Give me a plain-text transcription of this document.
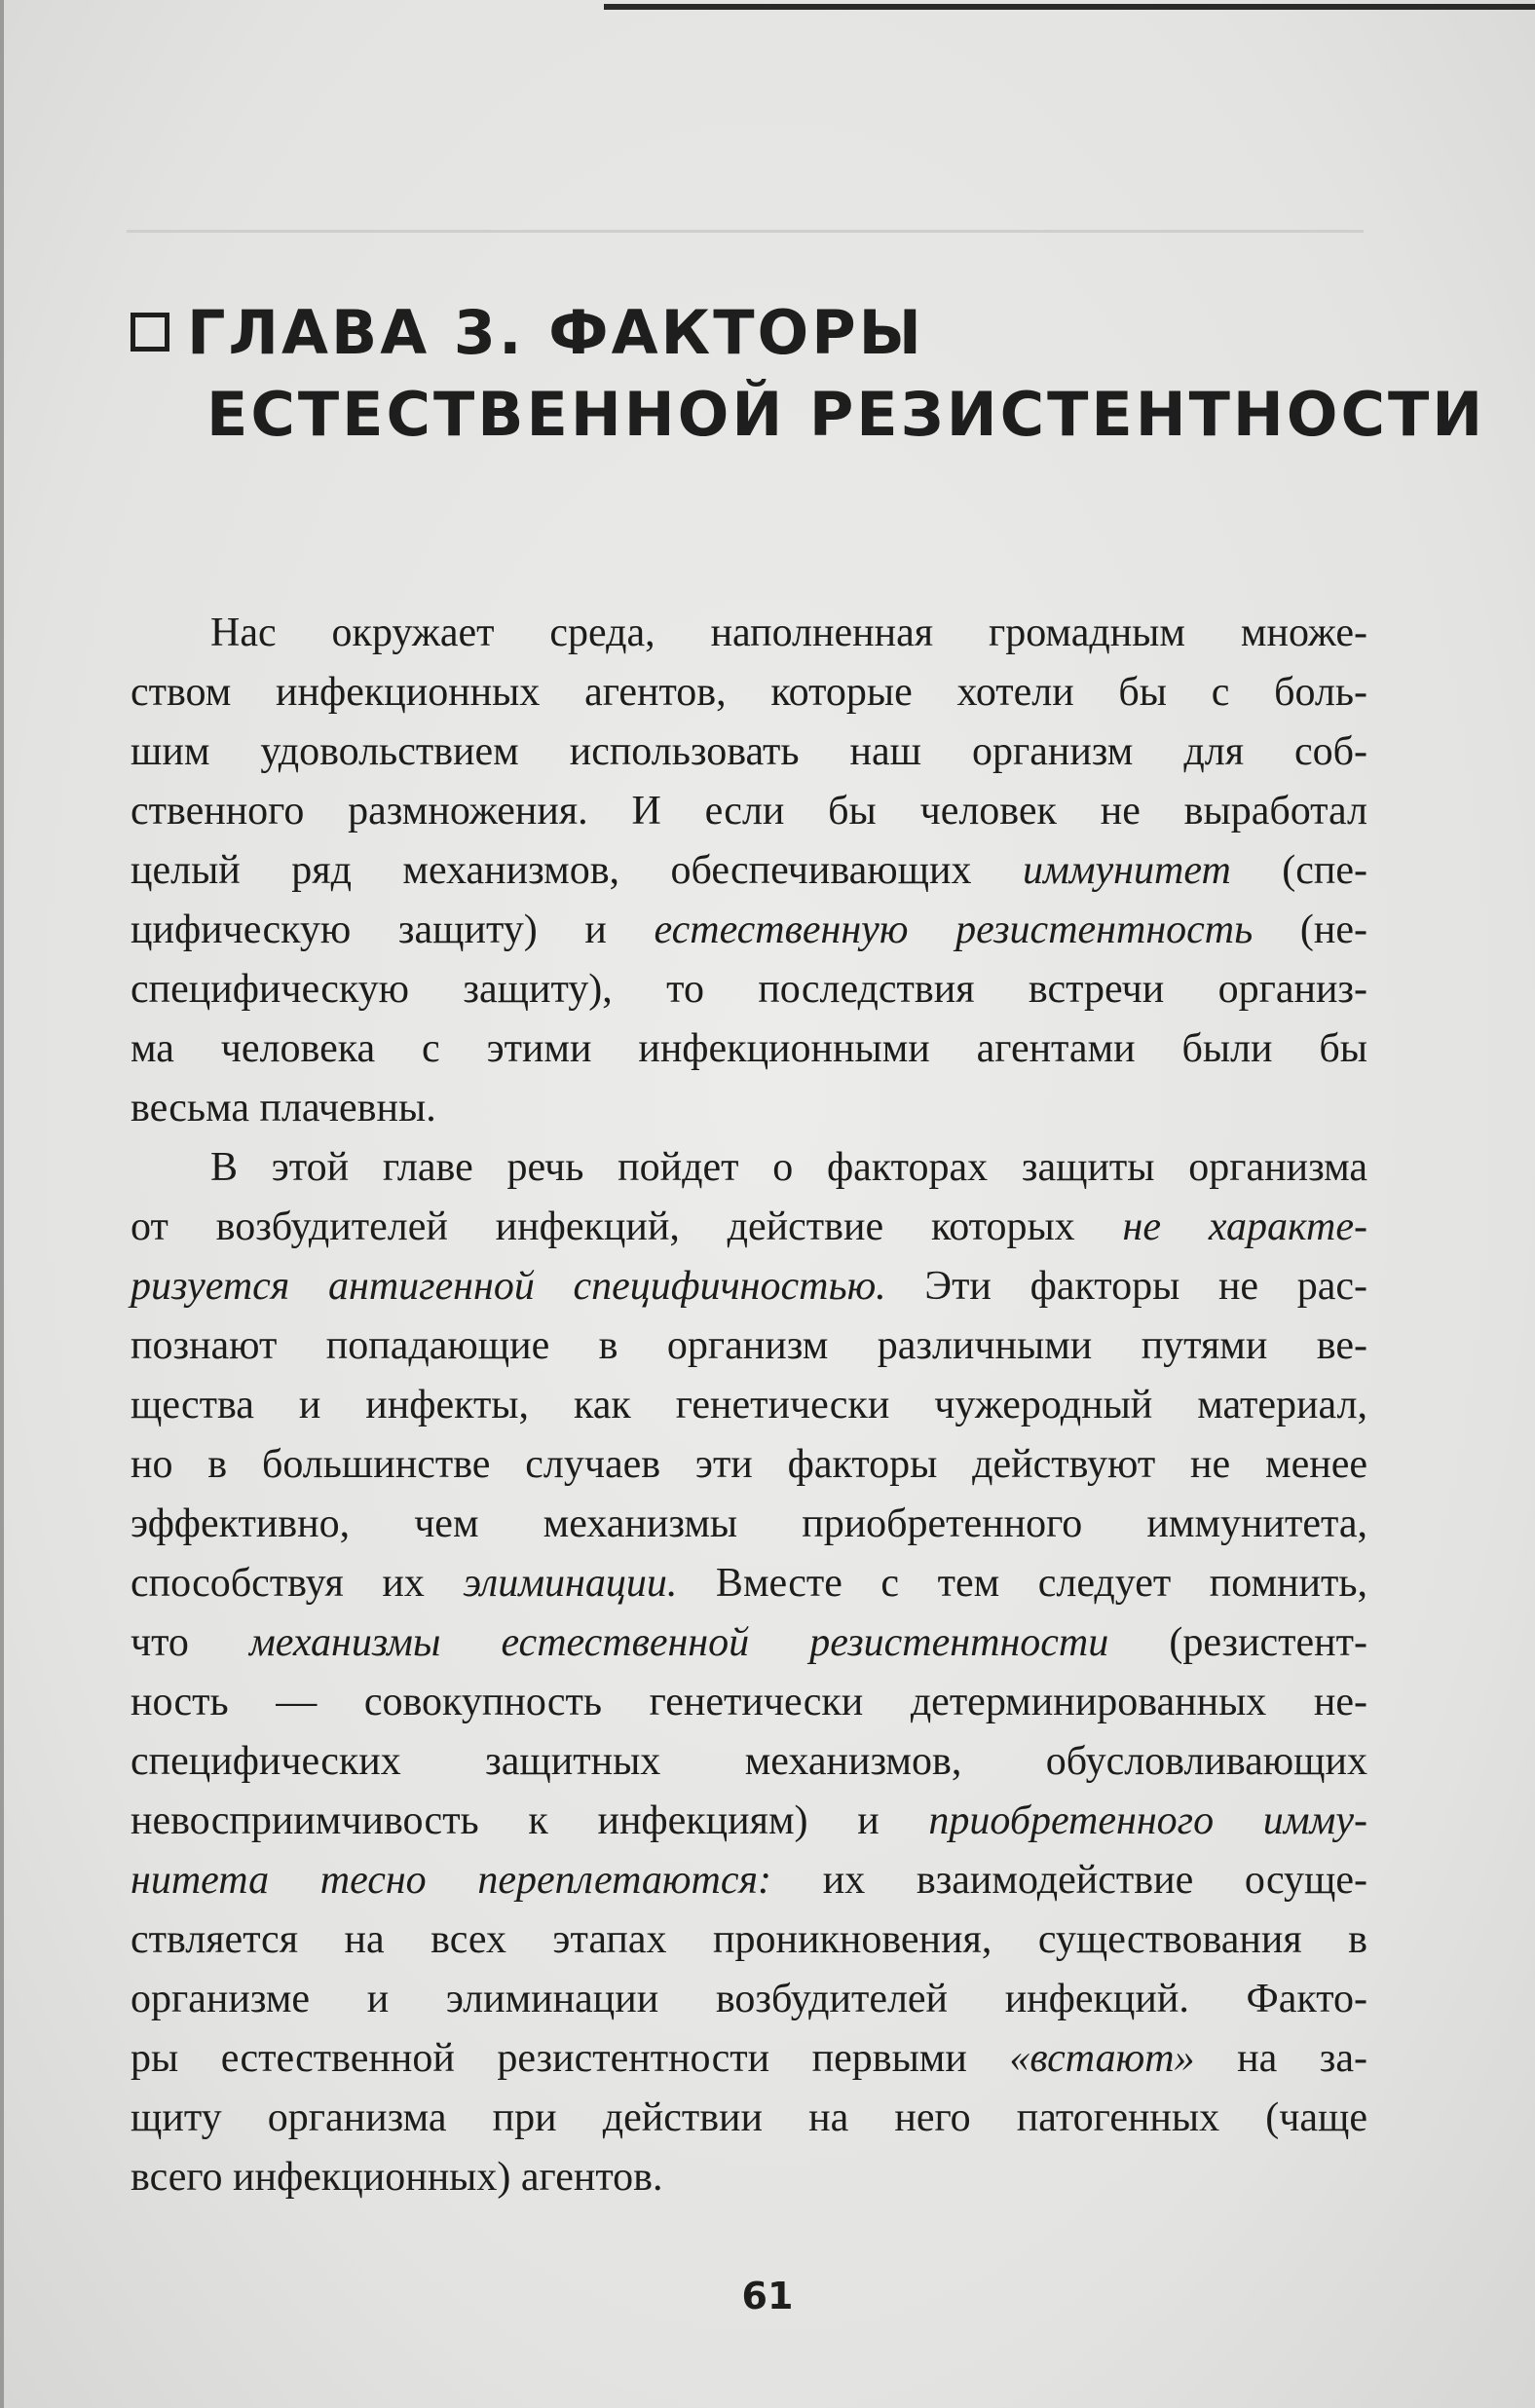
ГЛАВА 3. ФАКТОРЫ
ЕСТЕСТВЕННОЙ РЕЗИСТЕНТНОСТИ
Нас окружает среда, наполненная громадным множе-
ством инфекционных агентов, которые хотели бы с боль-
шим удовольствием использовать наш организм для соб-
ственного размножения. И если бы человек не выработал
целый ряд механизмов, обеспечивающих иммунитет (спе-
цифическую защиту) и естественную резистентность (не-
специфическую защиту), то последствия встречи организ-
ма человека с этими инфекционными агентами были бы
весьма плачевны.
В этой главе речь пойдет о факторах защиты организма
от возбудителей инфекций, действие которых не характе-
ризуется антигенной специфичностью. Эти факторы не рас-
познают попадающие в организм различными путями ве-
щества и инфекты, как генетически чужеродный материал,
но в большинстве случаев эти факторы действуют не менее
эффективно, чем механизмы приобретенного иммунитета,
способствуя их элиминации. Вместе с тем следует помнить,
что механизмы естественной резистентности (резистент-
ность — совокупность генетически детерминированных не-
специфических защитных механизмов, обусловливающих
невосприимчивость к инфекциям) и приобретенного иммy-
нитета тесно переплетаются: их взаимодействие осуще-
ствляется на всех этапах проникновения, существования в
организме и элиминации возбудителей инфекций. Факто-
ры естественной резистентности первыми «встают» на за-
щиту организма при действии на него патогенных (чаще
всего инфекционных) агентов.
61
